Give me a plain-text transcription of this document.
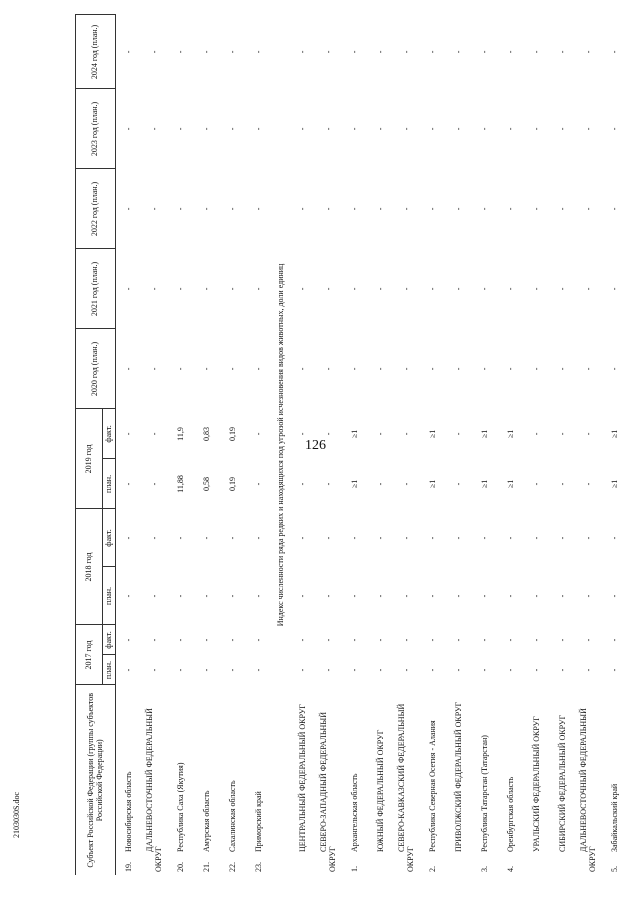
126
2103030S.doc	Субъект Российской Федерации (группы субъектов Российской Федерации)	2017 год		2018 год		2019 год		2020 год (план.)	2021 год (план.)	2022 год (план.)	2023 год (план.)	2024 год (план.)
	план.	факт.	план.	факт.	план.	факт.					
19.Новосибирская область	-	-	-	-	-	-	-	-	-	-	-
ДАЛЬНЕВОСТОЧНЫЙ ФЕДЕРАЛЬНЫЙ ОКРУГ	-	-	-	-	-	-	-	-	-	-	-
20.Республика Саха (Якутия)	-	-	-	-	11,88	11,9	-	-	-	-	-
21.Амурская область	-	-	-	-	0,58	0,83	-	-	-	-	-
22.Сахалинская область	-	-	-	-	0,19	0,19	-	-	-	-	-
23.Приморский край	-	-	-	-	-	-	-	-	-	-	-
Индекс численности ряда редких и находящихся под угрозой исчезновения видов животных, доли единиц											
ЦЕНТРАЛЬНЫЙ ФЕДЕРАЛЬНЫЙ ОКРУГ	-	-	-	-	-	-	-	-	-	-	-
СЕВЕРО-ЗАПАДНЫЙ ФЕДЕРАЛЬНЫЙ ОКРУГ	-	-	-	-	-	-	-	-	-	-	-
1.Архангельская область	-	-	-	-	≥1	≥1	-	-	-	-	-
ЮЖНЫЙ ФЕДЕРАЛЬНЫЙ ОКРУГ	-	-	-	-	-	-	-	-	-	-	-
СЕВЕРО-КАВКАЗСКИЙ ФЕДЕРАЛЬНЫЙ ОКРУГ	-	-	-	-	-	-	-	-	-	-	-
2.Республика Северная Осетия - Алания	-	-	-	-	≥1	≥1	-	-	-	-	-
ПРИВОЛЖСКИЙ ФЕДЕРАЛЬНЫЙ ОКРУГ	-	-	-	-	-	-	-	-	-	-	-
3.Республика Татарстан (Татарстан)	-	-	-	-	≥1	≥1	-	-	-	-	-
4.Оренбургская область	-	-	-	-	≥1	≥1	-	-	-	-	-
УРАЛЬСКИЙ ФЕДЕРАЛЬНЫЙ ОКРУГ	-	-	-	-	-	-	-	-	-	-	-
СИБИРСКИЙ ФЕДЕРАЛЬНЫЙ ОКРУГ	-	-	-	-	-	-	-	-	-	-	-
ДАЛЬНЕВОСТОЧНЫЙ ФЕДЕРАЛЬНЫЙ ОКРУГ	-	-	-	-	-	-	-	-	-	-	-
5.Забайкальский край	-	-	-	-	≥1	≥1	-	-	-	-	-
